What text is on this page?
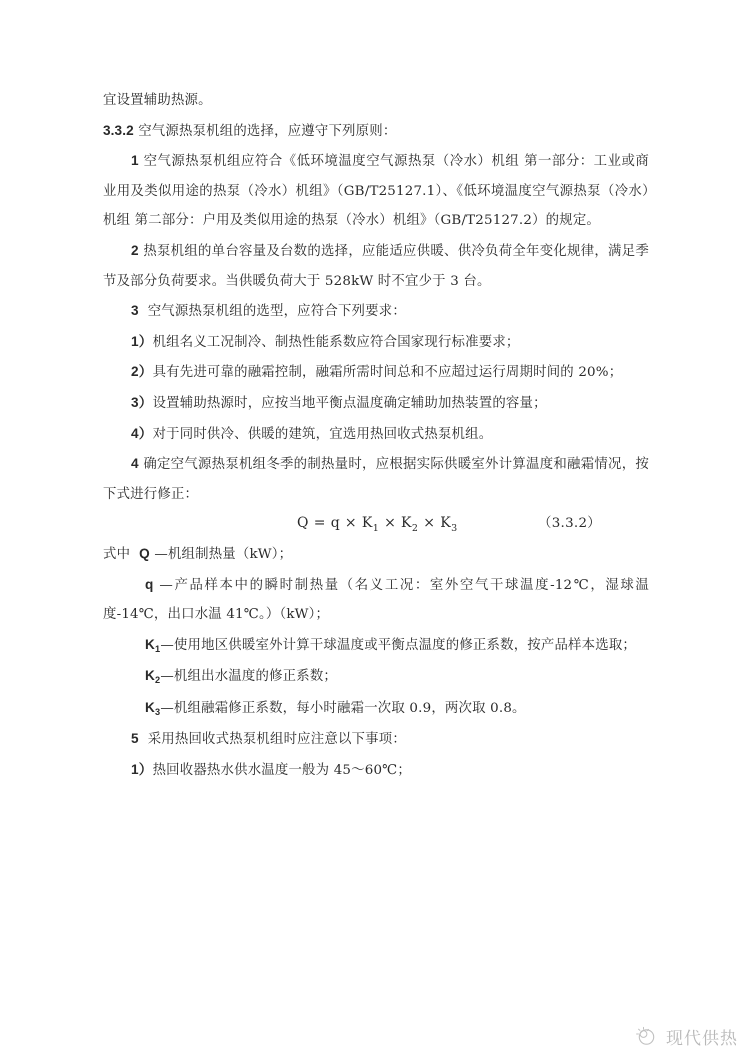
宜设置辅助热源。

3.3.2 空气源热泵机组的选择，应遵守下列原则：

1 空气源热泵机组应符合《低环境温度空气源热泵（冷水）机组 第一部分：工业或商业用及类似用途的热泵（冷水）机组》（GB/T25127.1）、《低环境温度空气源热泵（冷水）机组 第二部分：户用及类似用途的热泵（冷水）机组》（GB/T25127.2）的规定。

2 热泵机组的单台容量及台数的选择，应能适应供暖、供冷负荷全年变化规律，满足季节及部分负荷要求。当供暖负荷大于 528kW 时不宜少于 3 台。

3 空气源热泵机组的选型，应符合下列要求：

1）机组名义工况制冷、制热性能系数应符合国家现行标准要求；

2）具有先进可靠的融霜控制，融霜所需时间总和不应超过运行周期时间的 20%；

3）设置辅助热源时，应按当地平衡点温度确定辅助加热装置的容量；

4）对于同时供冷、供暖的建筑，宜选用热回收式热泵机组。

4 确定空气源热泵机组冬季的制热量时，应根据实际供暖室外计算温度和融霜情况，按下式进行修正：

$Q = q \times K_1 \times K_2 \times K_3$	（3.3.2）

式中 Q —机组制热量（kW）；

q —产品样本中的瞬时制热量（名义工况：室外空气干球温度-12℃，湿球温度-14℃，出口水温 41℃。）（kW）；

$K_1—$使用地区供暖室外计算干球温度或平衡点温度的修正系数，按产品样本选取；

$K_2—$机组出水温度的修正系数；

$K_3—$机组融霜修正系数，每小时融霜一次取 0.9，两次取 0.8。

5 采用热回收式热泵机组时应注意以下事项：

1）热回收器热水供水温度一般为 45～60℃；

现代供热
